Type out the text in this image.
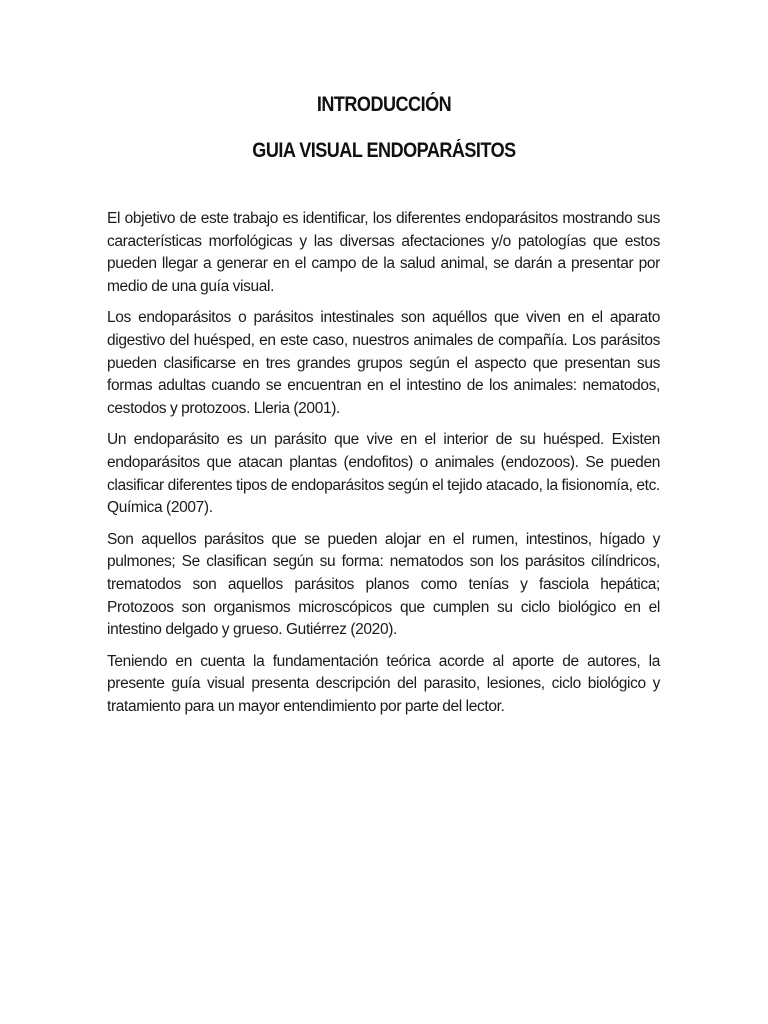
INTRODUCCIÓN
GUIA VISUAL ENDOPARÁSITOS

El objetivo de este trabajo es identificar, los diferentes endoparásitos mostrando sus características morfológicas y las diversas afectaciones y/o patologías que estos pueden llegar a generar en el campo de la salud animal, se darán a presentar por medio de una guía visual.

Los endoparásitos o parásitos intestinales son aquéllos que viven en el aparato digestivo del huésped, en este caso, nuestros animales de compañía. Los parásitos pueden clasificarse en tres grandes grupos según el aspecto que presentan sus formas adultas cuando se encuentran en el intestino de los animales: nematodos, cestodos y protozoos. Lleria (2001).

Un endoparásito es un parásito que vive en el interior de su huésped. Existen endoparásitos que atacan plantas (endofitos) o animales (endozoos). Se pueden clasificar diferentes tipos de endoparásitos según el tejido atacado, la fisionomía, etc. Química (2007).

Son aquellos parásitos que se pueden alojar en el rumen, intestinos, hígado y pulmones; Se clasifican según su forma: nematodos son los parásitos cilíndricos, trematodos son aquellos parásitos planos como tenías y fasciola hepática; Protozoos son organismos microscópicos que cumplen su ciclo biológico en el intestino delgado y grueso. Gutiérrez (2020).

Teniendo en cuenta la fundamentación teórica acorde al aporte de autores, la presente guía visual presenta descripción del parasito, lesiones, ciclo biológico y tratamiento para un mayor entendimiento por parte del lector.
